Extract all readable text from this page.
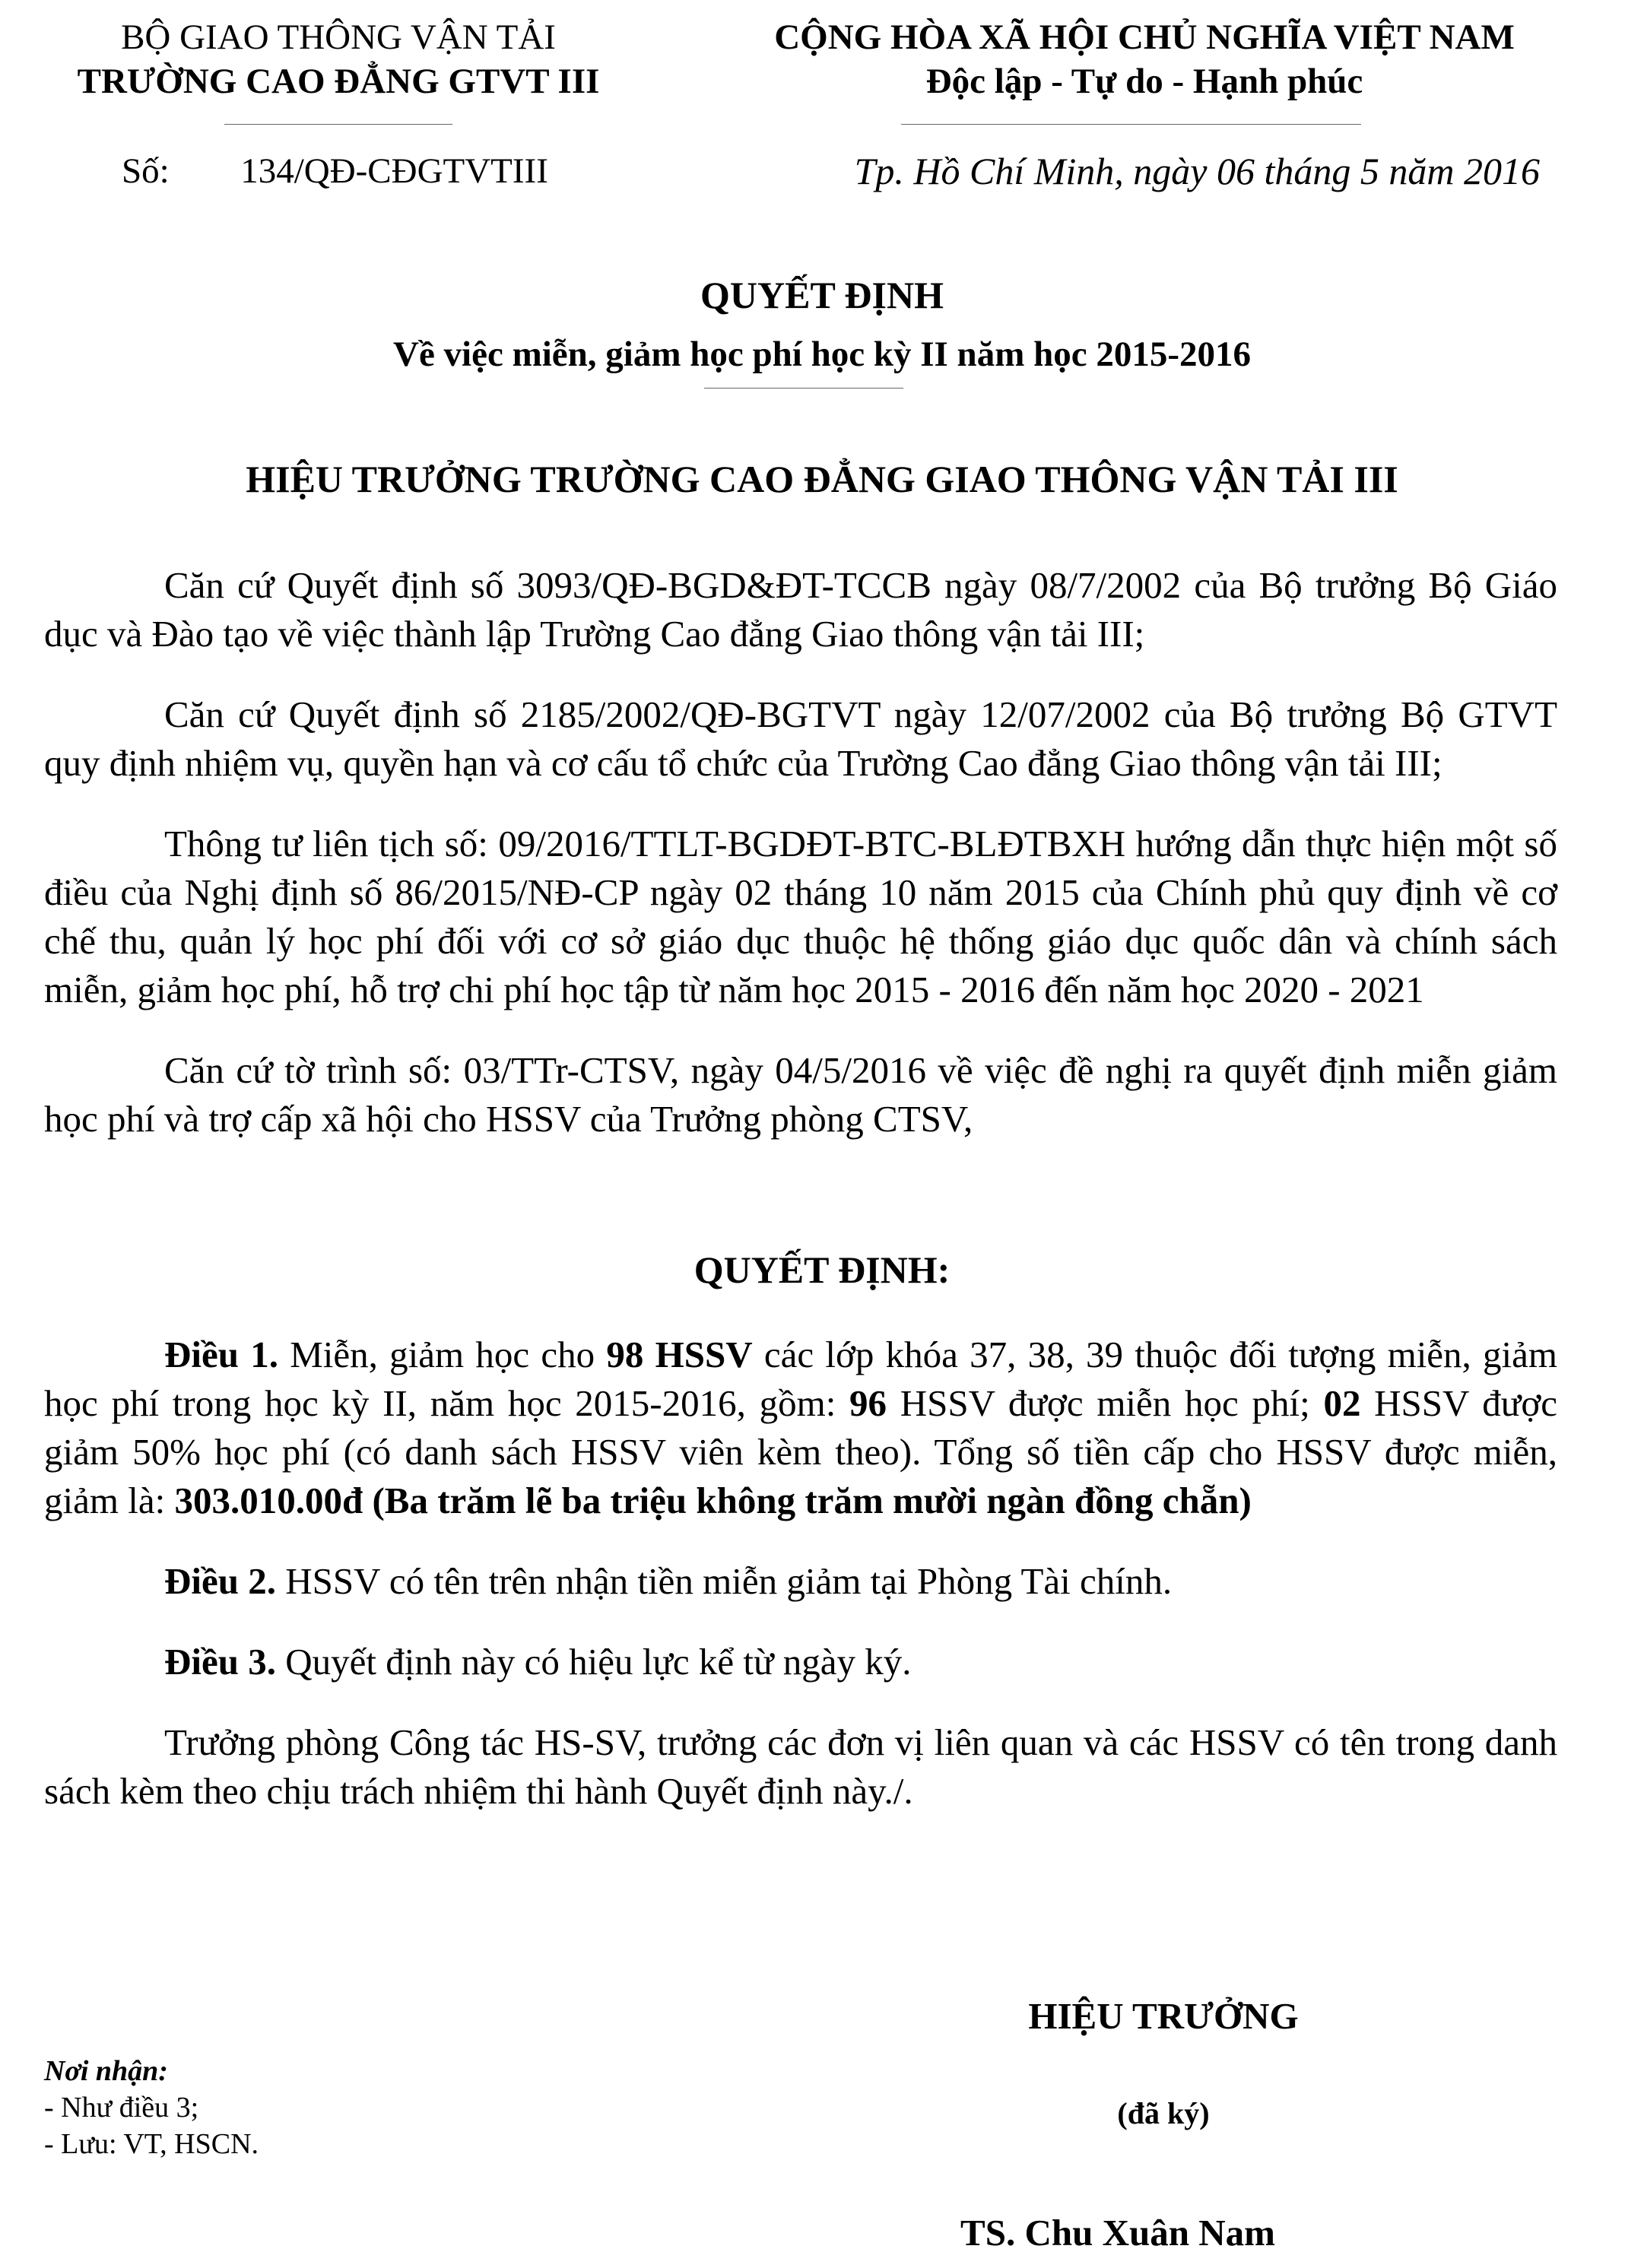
BỘ GIAO THÔNG VẬN TẢI
TRƯỜNG CAO ĐẲNG GTVT III
CỘNG HÒA XÃ HỘI CHỦ NGHĨA VIỆT NAM
Độc lập - Tự do - Hạnh phúc
Số: 134/QĐ-CĐGTVTIII	Tp. Hồ Chí Minh, ngày 06 tháng 5 năm 2016
QUYẾT ĐỊNH
Về việc miễn, giảm học phí học kỳ II năm học 2015-2016
HIỆU TRƯỞNG TRƯỜNG CAO ĐẲNG GIAO THÔNG VẬN TẢI III

Căn cứ Quyết định số 3093/QĐ-BGD&ĐT-TCCB ngày 08/7/2002 của Bộ trưởng Bộ Giáo dục và Đào tạo về việc thành lập Trường Cao đẳng Giao thông vận tải III;

Căn cứ Quyết định số 2185/2002/QĐ-BGTVT ngày 12/07/2002 của Bộ trưởng Bộ GTVT quy định nhiệm vụ, quyền hạn và cơ cấu tổ chức của Trường Cao đẳng Giao thông vận tải III;

Thông tư liên tịch số: 09/2016/TTLT-BGDĐT-BTC-BLĐTBXH hướng dẫn thực hiện một số điều của Nghị định số 86/2015/NĐ-CP ngày 02 tháng 10 năm 2015 của Chính phủ quy định về cơ chế thu, quản lý học phí đối với cơ sở giáo dục thuộc hệ thống giáo dục quốc dân và chính sách miễn, giảm học phí, hỗ trợ chi phí học tập từ năm học 2015 - 2016 đến năm học 2020 - 2021

Căn cứ tờ trình số: 03/TTr-CTSV, ngày 04/5/2016 về việc đề nghị ra quyết định miễn giảm học phí và trợ cấp xã hội cho HSSV của Trưởng phòng CTSV,

QUYẾT ĐỊNH:

Điều 1. Miễn, giảm học cho 98 HSSV các lớp khóa 37, 38, 39 thuộc đối tượng miễn, giảm học phí trong học kỳ II, năm học 2015-2016, gồm: 96 HSSV được miễn học phí; 02 HSSV được giảm 50% học phí (có danh sách HSSV viên kèm theo). Tổng số tiền cấp cho HSSV được miễn, giảm là: 303.010.00đ (Ba trăm lẽ ba triệu không trăm mười ngàn đồng chẵn)

Điều 2. HSSV có tên trên nhận tiền miễn giảm tại Phòng Tài chính.

Điều 3. Quyết định này có hiệu lực kể từ ngày ký.

Trưởng phòng Công tác HS-SV, trưởng các đơn vị liên quan và các HSSV có tên trong danh sách kèm theo chịu trách nhiệm thi hành Quyết định này./.

Nơi nhận:
- Như điều 3;
- Lưu: VT, HSCN.
HIỆU TRƯỞNG
(đã ký)
TS. Chu Xuân Nam
